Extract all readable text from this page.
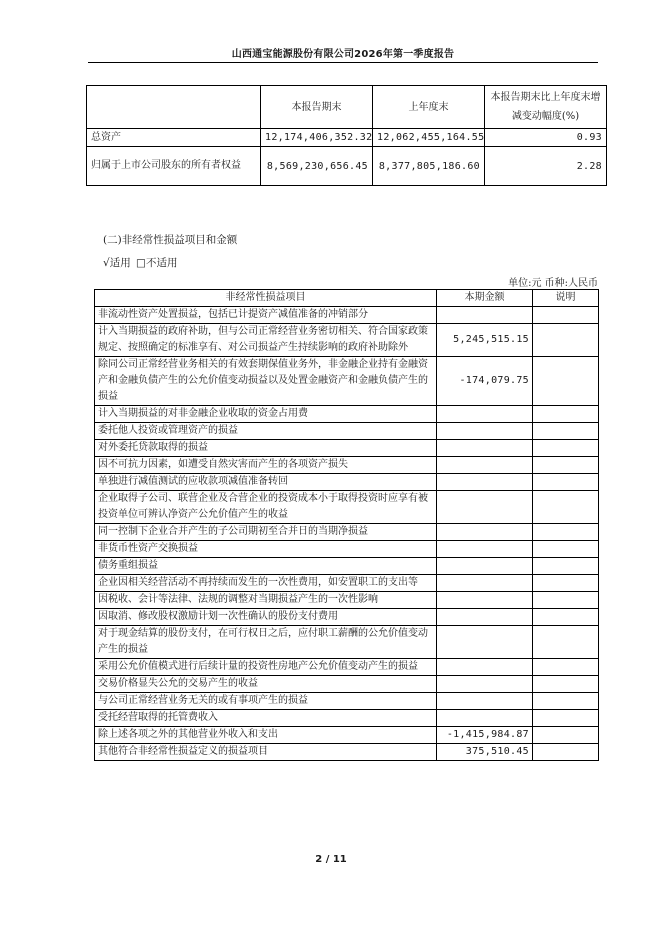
山西通宝能源股份有限公司2026年第一季度报告
	本报告期末	上年度末	本报告期末比上年度末增减变动幅度(%)
总资产	12,174,406,352.32	12,062,455,164.55	0.93
归属于上市公司股东的所有者权益	8,569,230,656.45	8,377,805,186.60	2.28
(二)非经常性损益项目和金额
√适用 □不适用
单位:元 币种:人民币
非经常性损益项目	本期金额	说明
非流动性资产处置损益，包括已计提资产减值准备的冲销部分		
计入当期损益的政府补助，但与公司正常经营业务密切相关、符合国家政策规定、按照确定的标准享有、对公司损益产生持续影响的政府补助除外	5,245,515.15	
除同公司正常经营业务相关的有效套期保值业务外，非金融企业持有金融资产和金融负债产生的公允价值变动损益以及处置金融资产和金融负债产生的损益	-174,079.75	
计入当期损益的对非金融企业收取的资金占用费		
委托他人投资或管理资产的损益		
对外委托贷款取得的损益		
因不可抗力因素，如遭受自然灾害而产生的各项资产损失		
单独进行减值测试的应收款项减值准备转回		
企业取得子公司、联营企业及合营企业的投资成本小于取得投资时应享有被投资单位可辨认净资产公允价值产生的收益		
同一控制下企业合并产生的子公司期初至合并日的当期净损益		
非货币性资产交换损益		
债务重组损益		
企业因相关经营活动不再持续而发生的一次性费用，如安置职工的支出等		
因税收、会计等法律、法规的调整对当期损益产生的一次性影响		
因取消、修改股权激励计划一次性确认的股份支付费用		
对于现金结算的股份支付，在可行权日之后，应付职工薪酬的公允价值变动产生的损益		
采用公允价值模式进行后续计量的投资性房地产公允价值变动产生的损益		
交易价格显失公允的交易产生的收益		
与公司正常经营业务无关的或有事项产生的损益		
受托经营取得的托管费收入		
除上述各项之外的其他营业外收入和支出	-1,415,984.87	
其他符合非经常性损益定义的损益项目	375,510.45	
2 / 11
